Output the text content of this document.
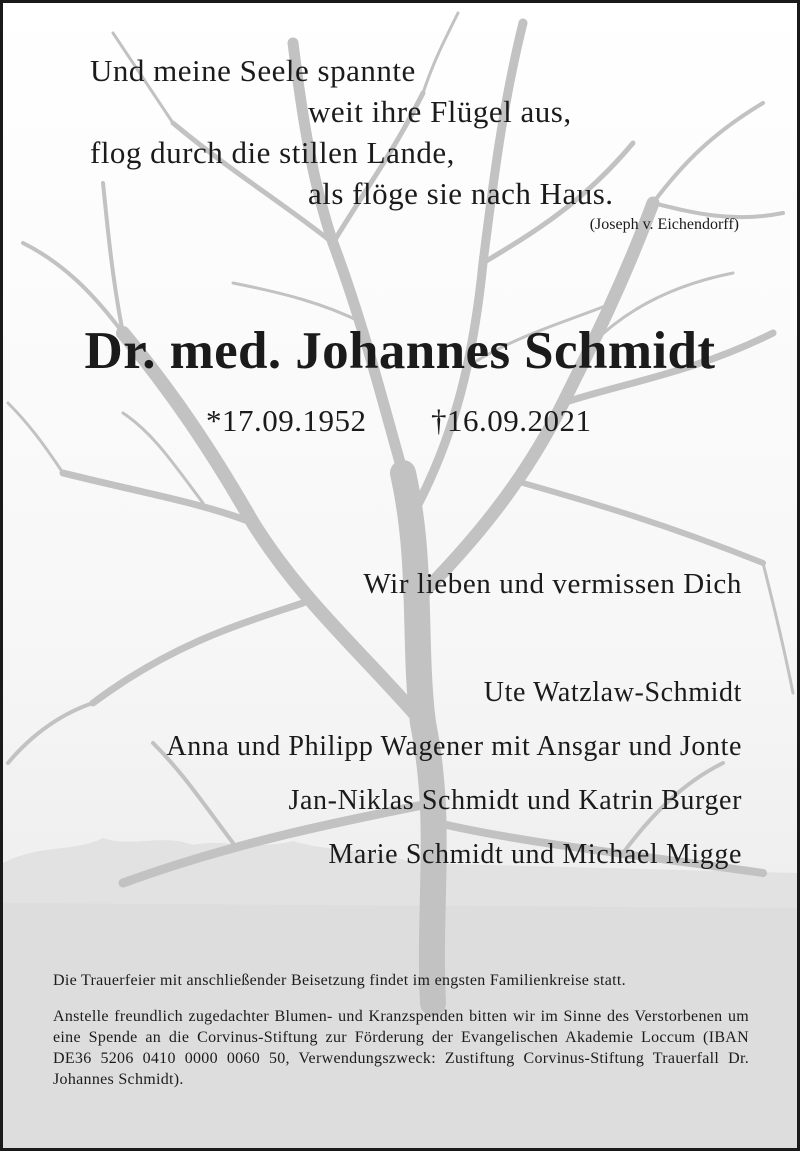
Und meine Seele spannte
weit ihre Flügel aus,
flog durch die stillen Lande,
als flöge sie nach Haus.
(Joseph v. Eichendorff)
Dr. med. Johannes Schmidt
*17.09.1952 †16.09.2021
Wir lieben und vermissen Dich
Ute Watzlaw-Schmidt
Anna und Philipp Wagener mit Ansgar und Jonte
Jan-Niklas Schmidt und Katrin Burger
Marie Schmidt und Michael Migge
Die Trauerfeier mit anschließender Beisetzung findet im engsten Familienkreise statt.
Anstelle freundlich zugedachter Blumen- und Kranzspenden bitten wir im Sinne des Verstorbenen um eine Spende an die Corvinus-Stiftung zur Förderung der Evangelischen Akademie Loccum (IBAN DE36 5206 0410 0000 0060 50, Verwendungszweck: Zustiftung Corvinus-Stiftung Trauerfall Dr. Johannes Schmidt).
